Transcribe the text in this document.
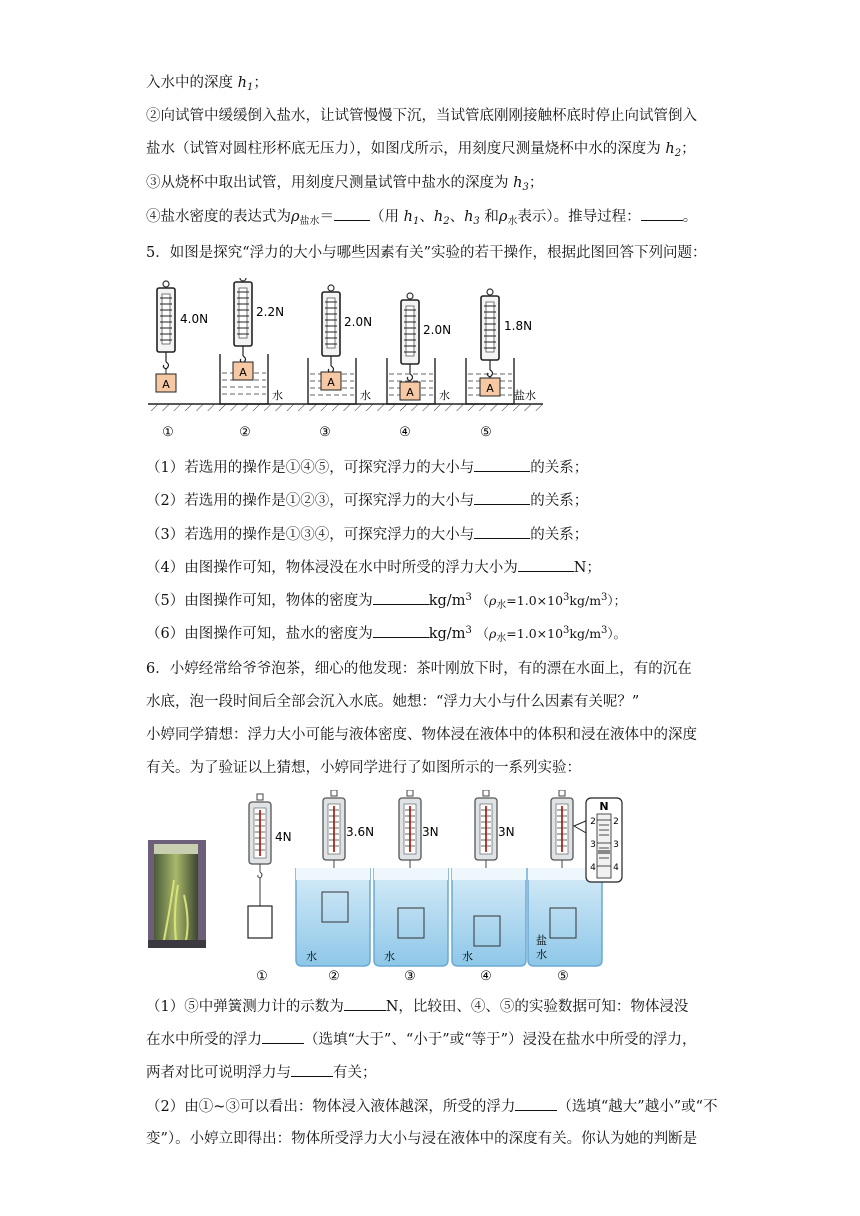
入水中的深度 $h_1$；
②向试管中缓缓倒入盐水，让试管慢慢下沉，当试管底刚刚接触杯底时停止向试管倒入
盐水（试管对圆柱形杯底无压力），如图戊所示，用刻度尺测量烧杯中水的深度为 $h_2$；
③从烧杯中取出试管，用刻度尺测量试管中盐水的深度为 $h_3$；
④盐水密度的表达式为$\rho_{盐水}=$ （用 $h_1$、$h_2$、$h_3$ 和$\rho_水$表示）。推导过程：	。
5．如图是探究“浮力的大小与哪些因素有关”实验的若干操作，根据此图回答下列问题：
A
4.0N
A
2.2N
水
A
2.0N
水	A
2.0N
水
A
1.8N
盐水
①	②	③	④	⑤
（1）若选用的操作是①④⑤，可探究浮力的大小与	的关系；
（2）若选用的操作是①②③，可探究浮力的大小与	的关系；
（3）若选用的操作是①③④，可探究浮力的大小与	的关系；
（4）由图操作可知，物体浸没在水中时所受的浮力大小为	N；
（5）由图操作可知，物体的密度为	$kg/m^3$ $(\rho_水=1.0\times 10^3kg/m^3)$；
（6）由图操作可知，盐水的密度为	$kg/m^3$ $(\rho_水=1.0\times 10^3kg/m^3)$。
6．小婷经常给爷爷泡茶，细心的他发现：茶叶刚放下时，有的漂在水面上，有的沉在
水底，泡一段时间后全部会沉入水底。她想：“浮力大小与什么因素有关呢？”
小婷同学猜想：浮力大小可能与液体密度、物体浸在液体中的体积和浸在液体中的深度
有关。为了验证以上猜想，小婷同学进行了如图所示的一系列实验：
4N	3.6N
水
3N
水
3N
水
盐
水
N
2
3
4
2
3
4
①	②	③	④	⑤
（1）⑤中弹簧测力计的示数为	N，比较田、④、⑤的实验数据可知：物体浸没
在水中所受的浮力	（选填“大于”、“小于”或“等于”）浸没在盐水中所受的浮力，
两者对比可说明浮力与	有关；
（2）由①~③可以看出：物体浸入液体越深，所受的浮力	（选填“越大”越小”或“不
变”）。小婷立即得出：物体所受浮力大小与浸在液体中的深度有关。你认为她的判断是
